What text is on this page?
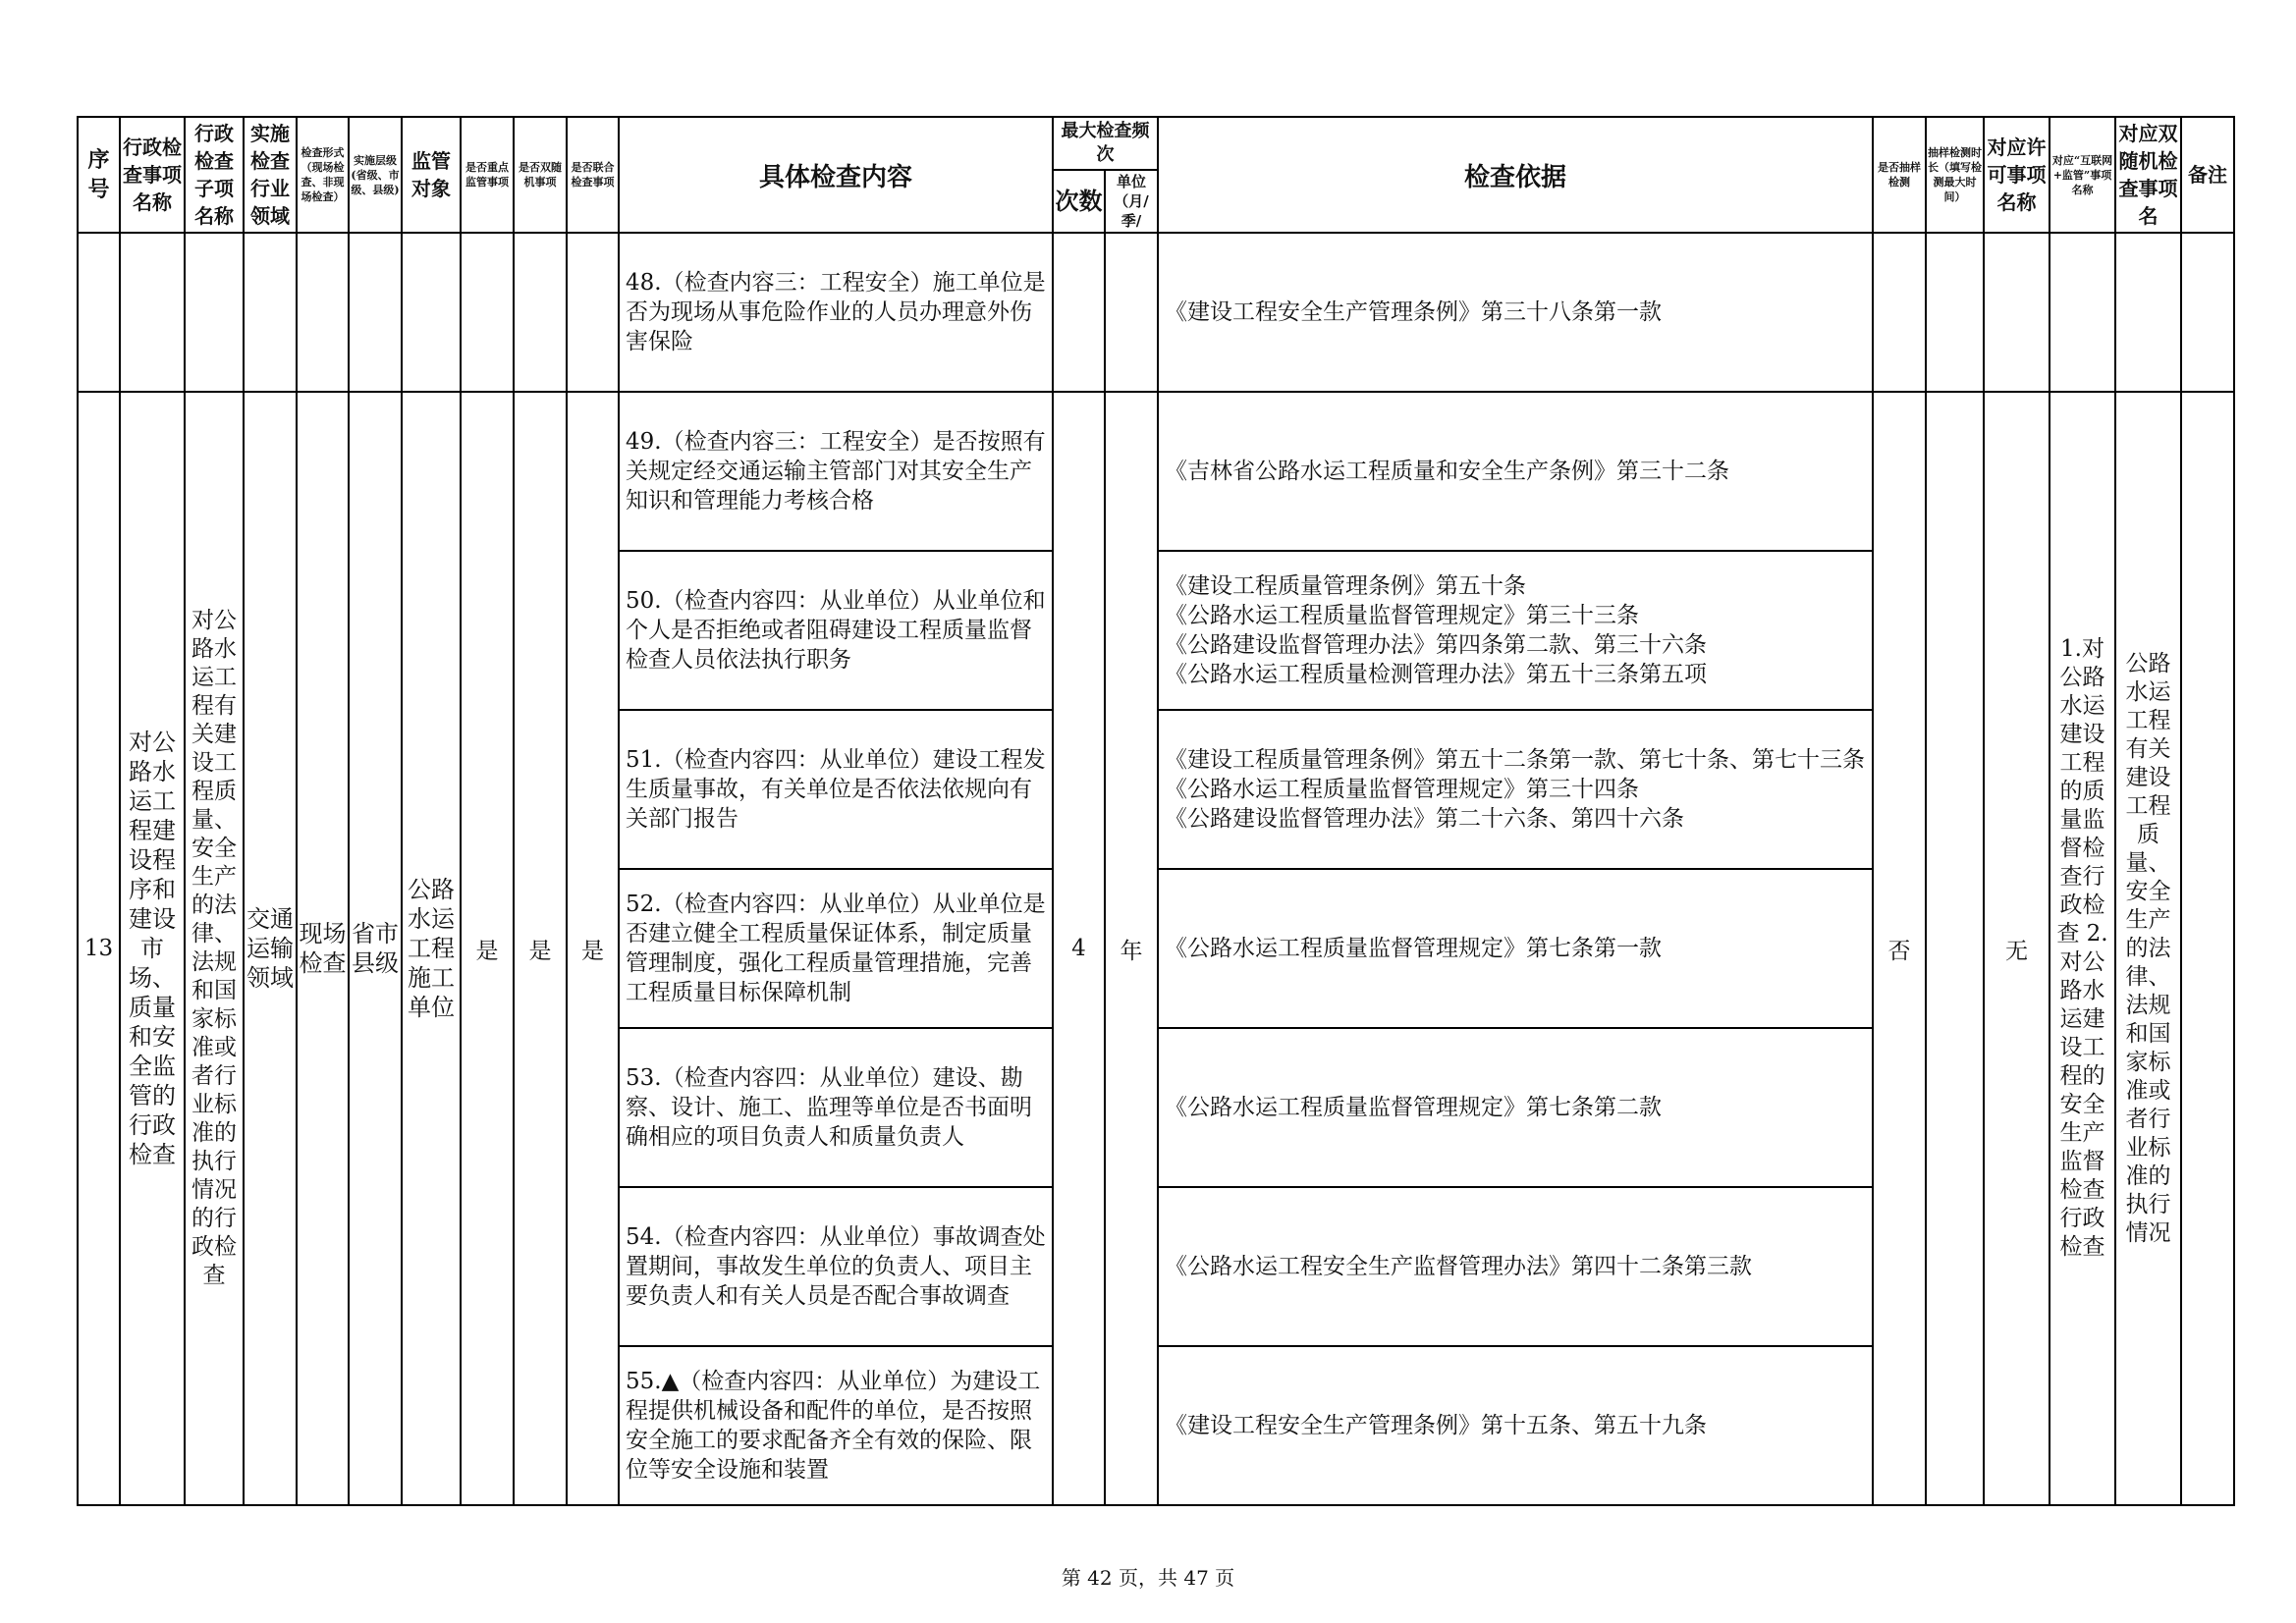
序号	行政检查事项名称	行政检查子项名称	实施检查行业领域	检查形式（现场检查、非现场检查）	实施层级(省级、市级、县级)	监管对象	是否重点监管事项	是否双随机事项	是否联合检查事项	具体检查内容	最大检查频次		检查依据	是否抽样检测	抽样检测时长（填写检测最大时间）	对应许可事项名称	对应“互联网+监管”事项名称	对应双随机检查事项名	备注
											次数	单位（月/季/							
										48.（检查内容三：工程安全）施工单位是否为现场从事危险作业的人员办理意外伤害保险			《建设工程安全生产管理条例》第三十八条第一款						

13	对公路水运工程建设程序和建设市场、质量和安全监管的行政检查	对公路水运工程有关建设工程质量、安全生产的法律、法规和国家标准或者行业标准的执行情况的行政检查	交通运输领域	现场检查	省市县级	公路水运工程施工单位	是	是	是	49.（检查内容三：工程安全）是否按照有关规定经交通运输主管部门对其安全生产知识和管理能力考核合格	4	年	《吉林省公路水运工程质量和安全生产条例》第三十二条	否		无	1.对公路水运建设工程的质量监督检查行政检查 2.对公路水运建设工程的安全生产监督检查行政检查	公路水运工程有关建设工程质量、安全生产的法律、法规和国家标准或者行业标准的执行情况	
										50.（检查内容四：从业单位）从业单位和个人是否拒绝或者阻碍建设工程质量监督检查人员依法执行职务			《建设工程质量管理条例》第五十条
《公路水运工程质量监督管理规定》第三十三条
《公路建设监督管理办法》第四条第二款、第三十六条
《公路水运工程质量检测管理办法》第五十三条第五项						

										51.（检查内容四：从业单位）建设工程发生质量事故，有关单位是否依法依规向有关部门报告			《建设工程质量管理条例》第五十二条第一款、第七十条、第七十三条
《公路水运工程质量监督管理规定》第三十四条
《公路建设监督管理办法》第二十六条、第四十六条						

										52.（检查内容四：从业单位）从业单位是否建立健全工程质量保证体系，制定质量管理制度，强化工程质量管理措施，完善工程质量目标保障机制			《公路水运工程质量监督管理规定》第七条第一款						

										53.（检查内容四：从业单位）建设、勘察、设计、施工、监理等单位是否书面明确相应的项目负责人和质量负责人			《公路水运工程质量监督管理规定》第七条第二款						

										54.（检查内容四：从业单位）事故调查处置期间，事故发生单位的负责人、项目主要负责人和有关人员是否配合事故调查			《公路水运工程安全生产监督管理办法》第四十二条第三款						

										55.▲（检查内容四：从业单位）为建设工程提供机械设备和配件的单位，是否按照安全施工的要求配备齐全有效的保险、限位等安全设施和装置			《建设工程安全生产管理条例》第十五条、第五十九条						
第 42 页，共 47 页
